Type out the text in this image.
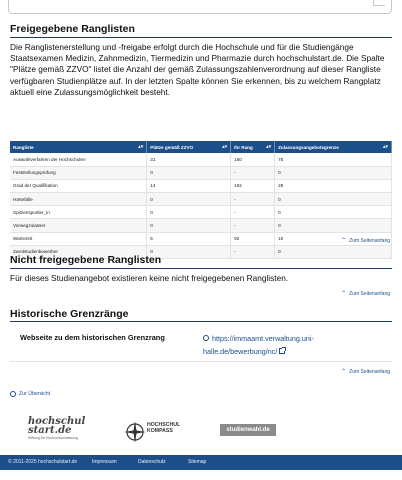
Freigegebene Ranglisten

Die Ranglistenerstellung und -freigabe erfolgt durch die Hochschule und für die Studiengänge Staatsexamen Medizin, Zahnmedizin, Tiermedizin und Pharmazie durch hochschulstart.de. Die Spalte "Plätze gemäß ZZVO" listet die Anzahl der gemäß Zulassungszahlenverordnung auf dieser Rangliste verfügbaren Studienplätze auf. In der letzten Spalte können Sie erkennen, bis zu welchem Rangplatz aktuell eine Zulassungsmöglichkeit besteht.

Rangliste ▴▾	Plätze gemäß ZZVO ▴▾	Ihr Rang ▴▾	Zulassungsangebotsgrenze ▴▾

Auswahlverfahren der Hochschulen	31	160	75
Feststellungsprüfung	0	-	0
Grad der Qualifikation	14	162	28
Härtefälle	0	-	0
Spitzensportler_in	0	-	0
Vorwegzulasser	0	-	0
Wartezeit	5	92	10
Zweitstudienbewerber	0	-	0
⌃ Zum Seitenanfang
Nicht freigegebene Ranglisten

Für dieses Studienangebot existieren keine nicht freigegebenen Ranglisten.

⌃ Zum Seitenanfang
Historische Grenzränge
Webseite zu dem historischen Grenzrang	https://immaamt.verwaltung.uni-
halle.de/bewerbung/nc/
⌃ Zum Seitenanfang
Zur Übersicht
hochschul
start.de
Stiftung für Hochschulzulassung
HOCHSCHUL
KOMPASS	studienwahl.de
© 2011-2025 hochschulstart.de	Impressum	Datenschutz	Sitemap
